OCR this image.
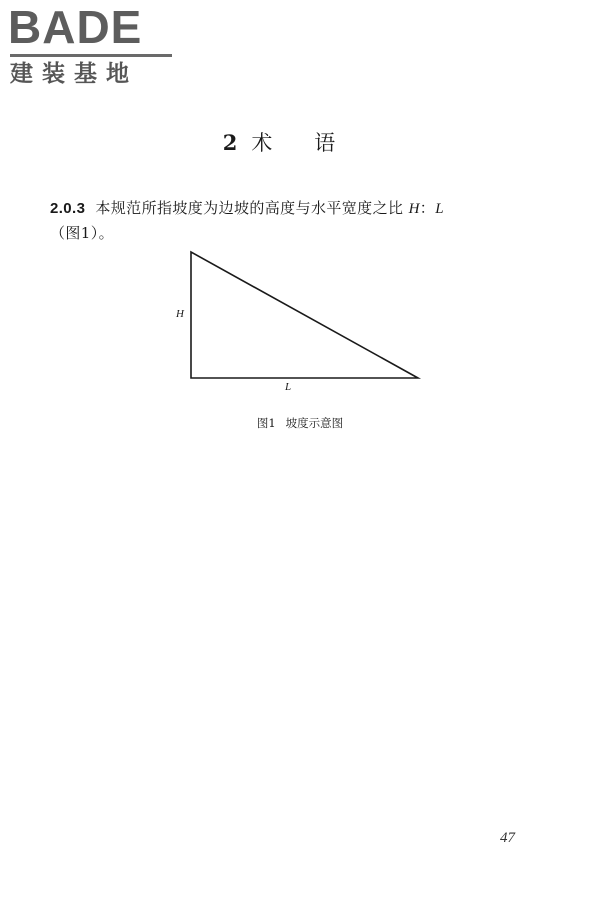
BADE
建装基地
2 术语
2.0.3 本规范所指坡度为边坡的高度与水平宽度之比 H：L
（图1）。
H
L
图1 坡度示意图
47
